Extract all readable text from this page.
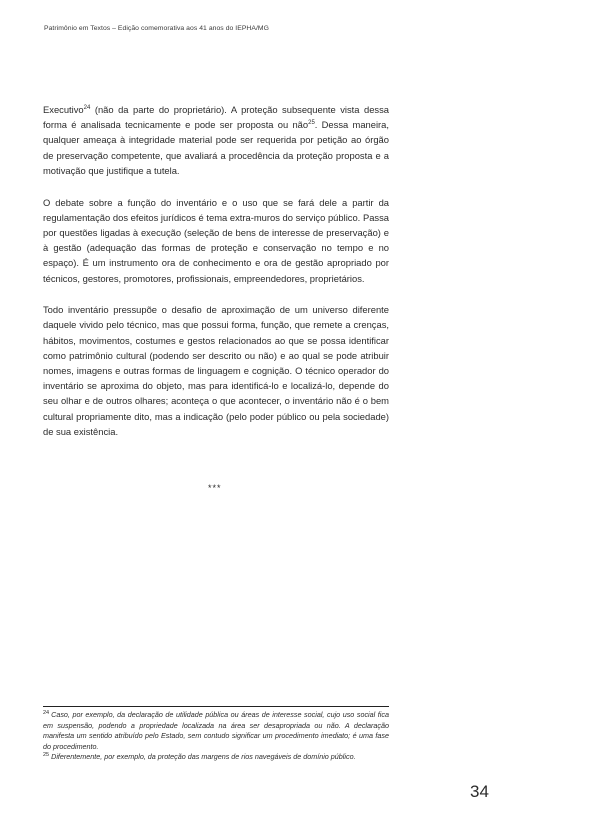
Patrimônio em Textos – Edição comemorativa aos 41 anos do IEPHA/MG

Executivo$^{24}$ (não da parte do proprietário). A proteção subsequente vista dessa forma é analisada tecnicamente e pode ser proposta ou não$^{25}$. Dessa maneira, qualquer ameaça à integridade material pode ser requerida por petição ao órgão de preservação competente, que avaliará a procedência da proteção proposta e a motivação que justifique a tutela.

O debate sobre a função do inventário e o uso que se fará dele a partir da regulamentação dos efeitos jurídicos é tema extra-muros do serviço público. Passa por questões ligadas à execução (seleção de bens de interesse de preservação) e à gestão (adequação das formas de proteção e conservação no tempo e no espaço). É um instrumento ora de conhecimento e ora de gestão apropriado por técnicos, gestores, promotores, profissionais, empreendedores, proprietários.

Todo inventário pressupõe o desafio de aproximação de um universo diferente daquele vivido pelo técnico, mas que possui forma, função, que remete a crenças, hábitos, movimentos, costumes e gestos relacionados ao que se possa identificar como patrimônio cultural (podendo ser descrito ou não) e ao qual se pode atribuir nomes, imagens e outras formas de linguagem e cognição. O técnico operador do inventário se aproxima do objeto, mas para identificá-lo e localizá-lo, depende do seu olhar e de outros olhares; aconteça o que acontecer, o inventário não é o bem cultural propriamente dito, mas a indicação (pelo poder público ou pela sociedade) de sua existência.

***

$^{24}$ Caso, por exemplo, da declaração de utilidade pública ou áreas de interesse social, cujo uso social fica em suspensão, podendo a propriedade localizada na área ser desapropriada ou não. A declaração manifesta um sentido atribuído pelo Estado, sem contudo significar um procedimento imediato; é uma fase do procedimento.

$^{25}$ Diferentemente, por exemplo, da proteção das margens de rios navegáveis de domínio público.

34
